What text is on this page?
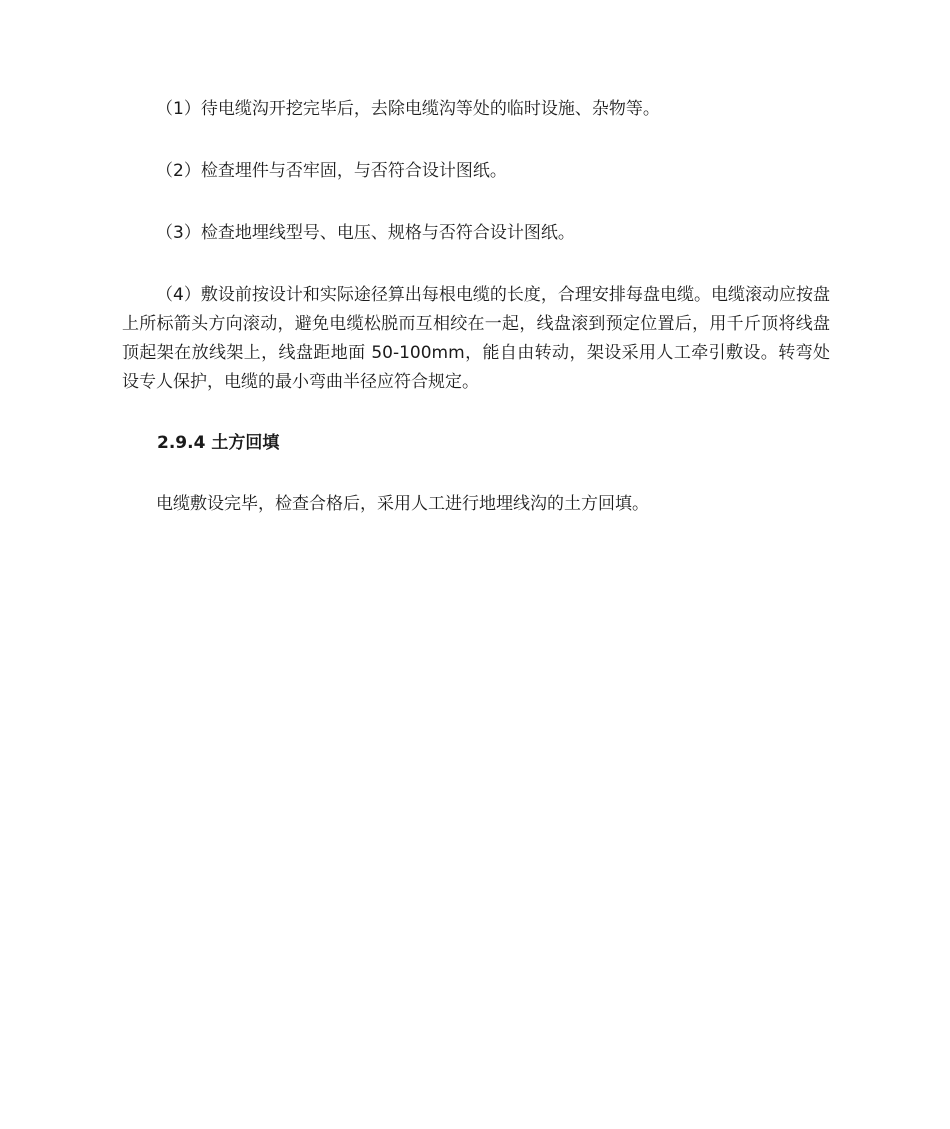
（1）待电缆沟开挖完毕后，去除电缆沟等处的临时设施、杂物等。

（2）检查埋件与否牢固，与否符合设计图纸。

（3）检查地埋线型号、电压、规格与否符合设计图纸。

（4）敷设前按设计和实际途径算出每根电缆的长度，合理安排每盘电缆。电缆滚动应按盘上所标箭头方向滚动，避免电缆松脱而互相绞在一起，线盘滚到预定位置后，用千斤顶将线盘顶起架在放线架上，线盘距地面 50-100mm，能自由转动，架设采用人工牵引敷设。转弯处设专人保护，电缆的最小弯曲半径应符合规定。

2.9.4 土方回填

电缆敷设完毕，检查合格后，采用人工进行地埋线沟的土方回填。
